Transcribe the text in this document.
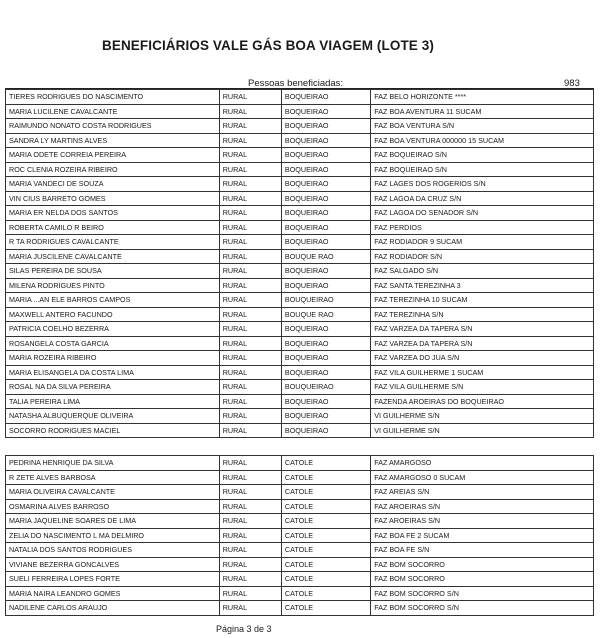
BENEFICIÁRIOS VALE GÁS BOA VIAGEM (LOTE 3)
Pessoas beneficiadas:	983
TIERES RODRIGUES DO NASCIMENTO	RURAL	BOQUEIRAO	FAZ BELO HORIZONTE ****
MARIA LUCILENE CAVALCANTE	RURAL	BOQUEIRAO	FAZ BOA AVENTURA 11 SUCAM
RAIMUNDO NONATO COSTA RODRIGUES	RURAL	BOQUEIRAO	FAZ BOA VENTURA S/N
SANDRA LY MARTINS ALVES	RURAL	BOQUEIRAO	FAZ BOA VENTURA 000000 15 SUCAM
MARIA ODETE CORREIA PEREIRA	RURAL	BOQUEIRAO	FAZ BOQUEIRAO S/N
ROC CLENIA ROZEIRA RIBEIRO	RURAL	BOQUEIRAO	FAZ BOQUEIRAO S/N
MARIA VANDECI DE SOUZA	RURAL	BOQUEIRAO	FAZ LAGES DOS ROGERIOS S/N
VIN CIUS BARRETO GOMES	RURAL	BOQUEIRAO	FAZ LAGOA DA CRUZ S/N
MARIA ER NELDA DOS SANTOS	RURAL	BOQUEIRAO	FAZ LAGOA DO SENADOR S/N
ROBERTA CAMILO R BEIRO	RURAL	BOQUEIRAO	FAZ PERDIOS
R TA RODRIGUES CAVALCANTE	RURAL	BOQUEIRAO	FAZ RODIADOR 9 SUCAM
MARIA JUSCILENE CAVALCANTE	RURAL	BOUQUE RAO	FAZ RODIADOR S/N
SILAS PEREIRA DE SOUSA	RURAL	BOQUEIRAO	FAZ SALGADO S/N
MILENA RODRIGUES PINTO	RURAL	BOQUEIRAO	FAZ SANTA TEREZINHA 3
MARIA ...AN ELE BARROS CAMPOS	RURAL	BOUQUEIRAO	FAZ TEREZINHA 10 SUCAM
MAXWELL ANTERO FACUNDO	RURAL	BOUQUE RAO	FAZ TEREZINHA S/N
PATRICIA COELHO BEZERRA	RURAL	BOQUEIRAO	FAZ VARZEA DA TAPERA S/N
ROSANGELA COSTA GARCIA	RURAL	BOQUEIRAO	FAZ VARZEA DA TAPERA S/N
MARIA ROZEIRA RIBEIRO	RURAL	BOQUEIRAO	FAZ VARZEA DO JUA S/N
MARIA ELISANGELA DA COSTA LIMA	RURAL	BOQUEIRAO	FAZ VILA GUILHERME 1 SUCAM
ROSAL NA DA SILVA PEREIRA	RURAL	BOUQUEIRAO	FAZ VILA GUILHERME S/N
TALIA PEREIRA LIMA	RURAL	BOQUEIRAO	FAZENDA AROEIRAS DO BOQUEIRAO
NATASHA ALBUQUERQUE OLIVEIRA	RURAL	BOQUEIRAO	VI GUILHERME S/N
SOCORRO RODRIGUES MACIEL	RURAL	BOQUEIRAO	VI GUILHERME S/N
PEDRINA HENRIQUE DA SILVA	RURAL	CATOLE	FAZ AMARGOSO
R ZETE ALVES BARBOSA	RURAL	CATOLE	FAZ AMARGOSO 0 SUCAM
MARIA OLIVEIRA CAVALCANTE	RURAL	CATOLE	FAZ AREIAS S/N
OSMARINA ALVES BARROSO	RURAL	CATOLE	FAZ AROEIRAS S/N
MARIA JAQUELINE SOARES DE LIMA	RURAL	CATOLE	FAZ AROEIRAS S/N
ZELIA DO NASCIMENTO L MA DELMIRO	RURAL	CATOLE	FAZ BOA FE 2 SUCAM
NATALIA DOS SANTOS RODRIGUES	RURAL	CATOLE	FAZ BOA FE S/N
VIVIANE BEZERRA GONCALVES	RURAL	CATOLE	FAZ BOM SOCORRO
SUELI FERREIRA LOPES FORTE	RURAL	CATOLE	FAZ BOM SOCORRO
MARIA NAIRA LEANDRO GOMES	RURAL	CATOLE	FAZ BOM SOCORRO S/N
NADILENE CARLOS ARAUJO	RURAL	CATOLE	FAZ BOM SOCORRO S/N
Página 3 de 3
